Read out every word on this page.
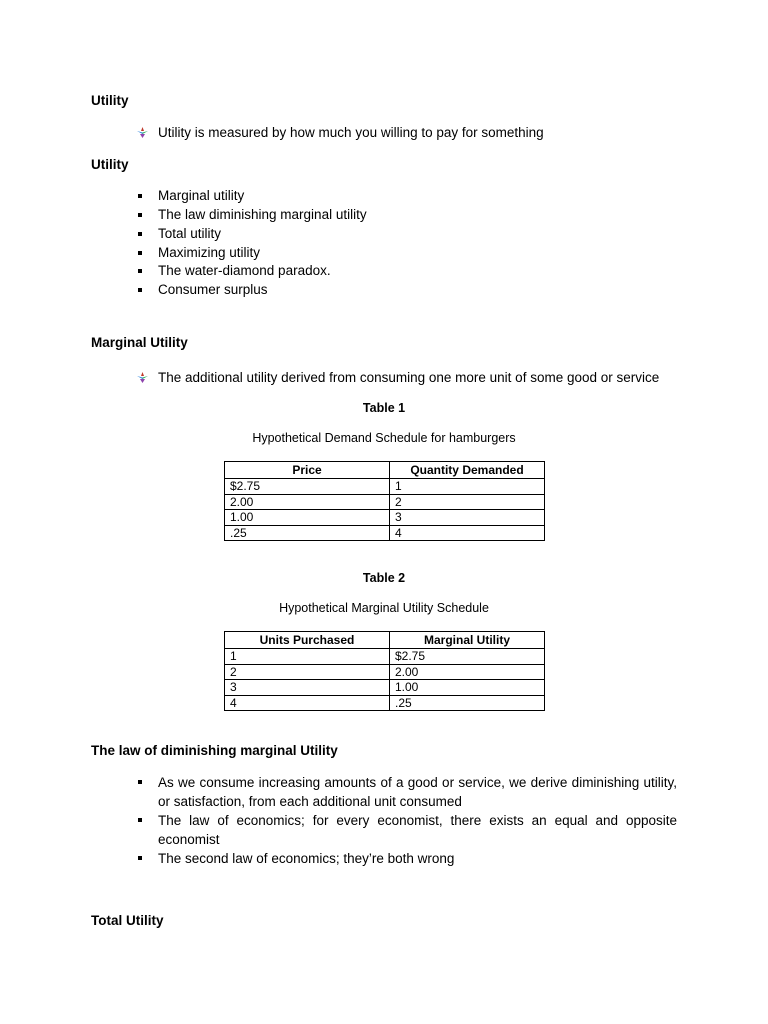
Utility
Utility is measured by how much you willing to pay for something
Utility
Marginal utility
The law diminishing marginal utility
Total utility
Maximizing utility
The water-diamond paradox.
Consumer surplus
Marginal Utility
The additional utility derived from consuming one more unit of some good or service
Table 1
Hypothetical Demand Schedule for hamburgers
Price	Quantity Demanded
$2.75	1
2.00	2
1.00	3
.25	4
Table 2
Hypothetical Marginal Utility Schedule
Units Purchased	Marginal Utility
1	$2.75
2	2.00
3	1.00
4	.25
The law of diminishing marginal Utility
As we consume increasing amounts of a good or service, we derive diminishing utility, or satisfaction, from each additional unit consumed
The law of economics; for every economist, there exists an equal and opposite economist
The second law of economics; they’re both wrong
Total Utility
